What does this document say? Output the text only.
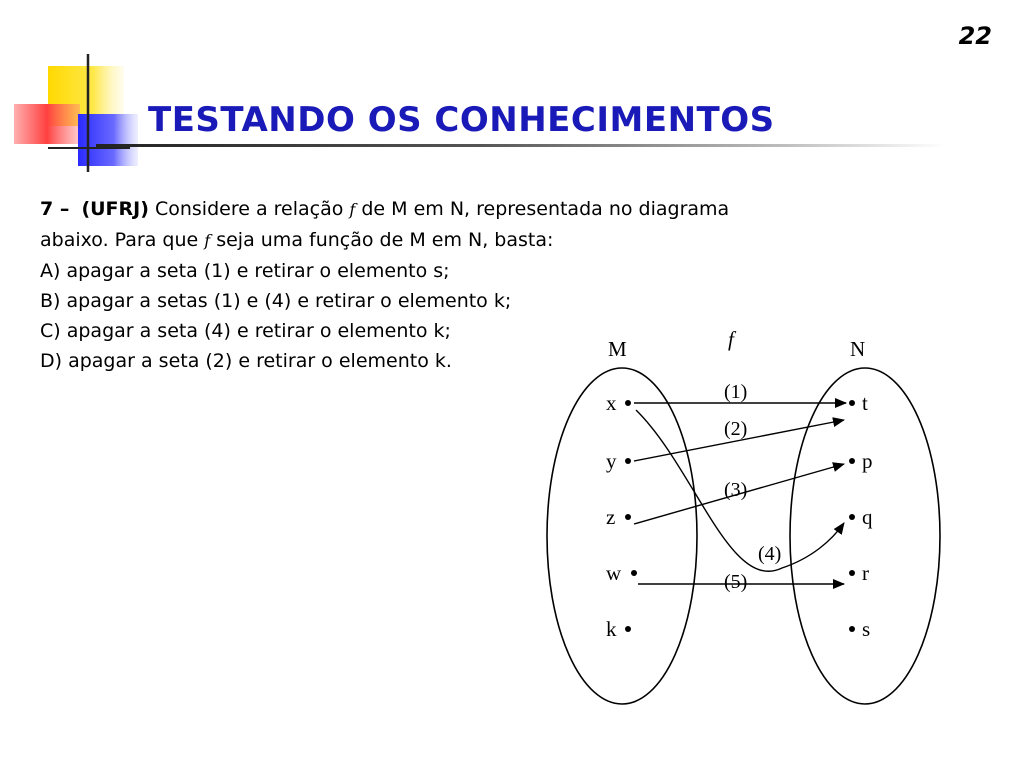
22
TESTANDO OS CONHECIMENTOS
7 – (UFRJ) Considere a relação f de M em N, representada no diagrama
abaixo. Para que f seja uma função de M em N, basta:
A) apagar a seta (1) e retirar o elemento s;
B) apagar a setas (1) e (4) e retirar o elemento k;
C) apagar a seta (4) e retirar o elemento k;
D) apagar a seta (2) e retirar o elemento k.	M	N
f
x
y
z
w
k
t
p
q
r
s
(1)
(2)
(3)
(4)
(5)
